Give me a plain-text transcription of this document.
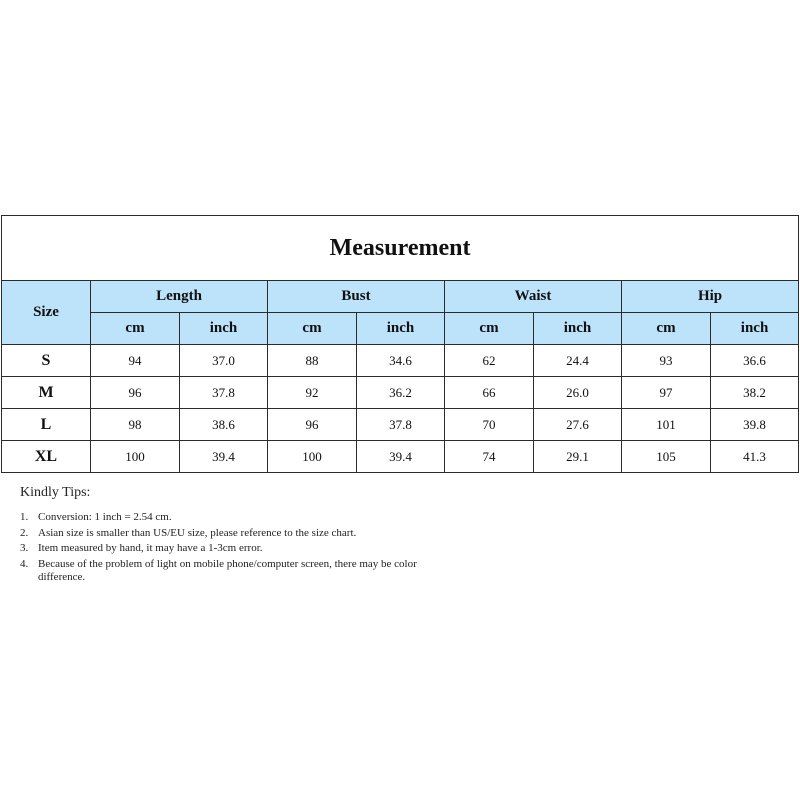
Measurement								
Size	Length		Bust		Waist		Hip	
	cm	inch	cm	inch	cm	inch	cm	inch
S	94	37.0	88	34.6	62	24.4	93	36.6
M	96	37.8	92	36.2	66	26.0	97	38.2
L	98	38.6	96	37.8	70	27.6	101	39.8
XL	100	39.4	100	39.4	74	29.1	105	41.3
Kindly Tips:
1. Conversion: 1 inch = 2.54 cm.
2. Asian size is smaller than US/EU size, please reference to the size chart.
3. Item measured by hand, it may have a 1-3cm error.
4. Because of the problem of light on mobile phone/computer screen, there may be color difference.
